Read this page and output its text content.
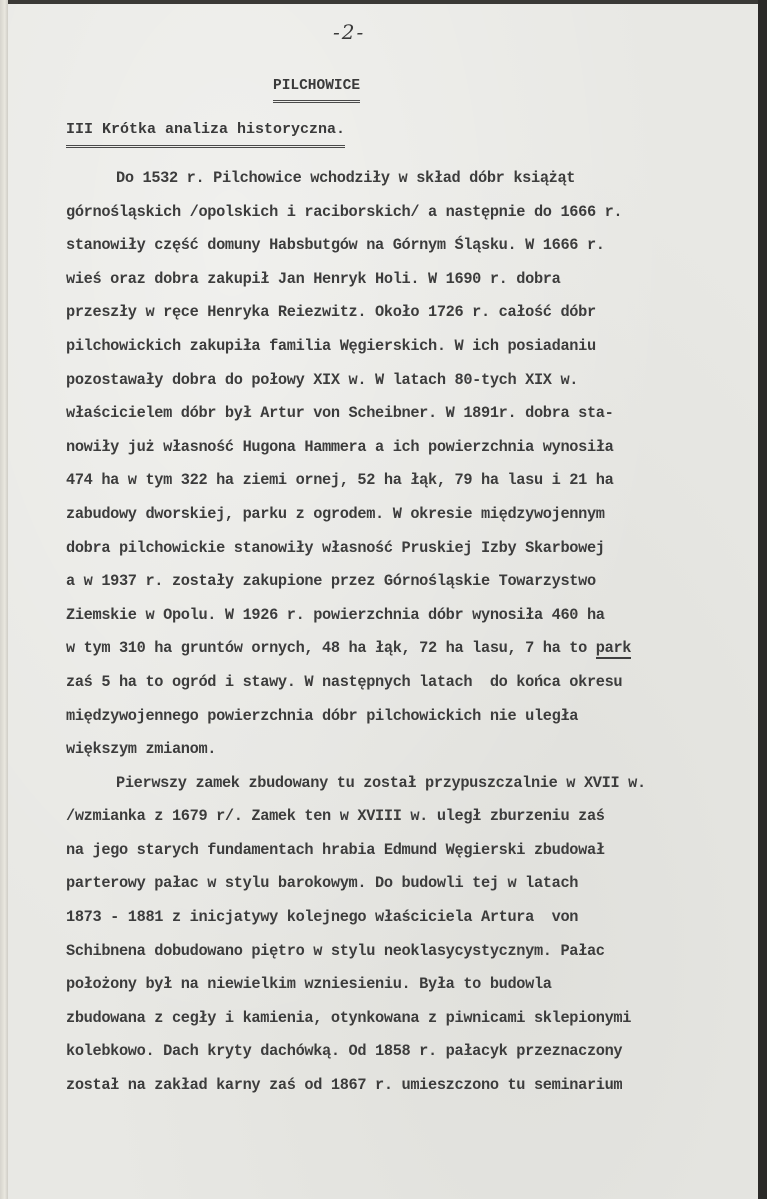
-2-
PILCHOWICE
III Krótka analiza historyczna.
Do 1532 r. Pilchowice wchodziły w skład dóbr książąt
górnośląskich /opolskich i raciborskich/ a następnie do 1666 r.
stanowiły część domuny Habsbutgów na Górnym Śląsku. W 1666 r.
wieś oraz dobra zakupił Jan Henryk Holi. W 1690 r. dobra
przeszły w ręce Henryka Reiezwitz. Około 1726 r. całość dóbr
pilchowickich zakupiła familia Węgierskich. W ich posiadaniu
pozostawały dobra do połowy XIX w. W latach 80-tych XIX w.
właścicielem dóbr był Artur von Scheibner. W 1891r. dobra sta-
nowiły już własność Hugona Hammera a ich powierzchnia wynosiła
474 ha w tym 322 ha ziemi ornej, 52 ha łąk, 79 ha lasu i 21 ha
zabudowy dworskiej, parku z ogrodem. W okresie międzywojennym
dobra pilchowickie stanowiły własność Pruskiej Izby Skarbowej
a w 1937 r. zostały zakupione przez Górnośląskie Towarzystwo
Ziemskie w Opolu. W 1926 r. powierzchnia dóbr wynosiła 460 ha
w tym 310 ha gruntów ornych, 48 ha łąk, 72 ha lasu, 7 ha to park
zaś 5 ha to ogród i stawy. W następnych latach  do końca okresu
międzywojennego powierzchnia dóbr pilchowickich nie uległa
większym zmianom.
Pierwszy zamek zbudowany tu został przypuszczalnie w XVII w.
/wzmianka z 1679 r/. Zamek ten w XVIII w. uległ zburzeniu zaś
na jego starych fundamentach hrabia Edmund Węgierski zbudował
parterowy pałac w stylu barokowym. Do budowli tej w latach
1873 - 1881 z inicjatywy kolejnego właściciela Artura  von
Schibnena dobudowano piętro w stylu neoklasycystycznym. Pałac
położony był na niewielkim wzniesieniu. Była to budowla
zbudowana z cegły i kamienia, otynkowana z piwnicami sklepionymi
kolebkowo. Dach kryty dachówką. Od 1858 r. pałacyk przeznaczony
został na zakład karny zaś od 1867 r. umieszczono tu seminarium
